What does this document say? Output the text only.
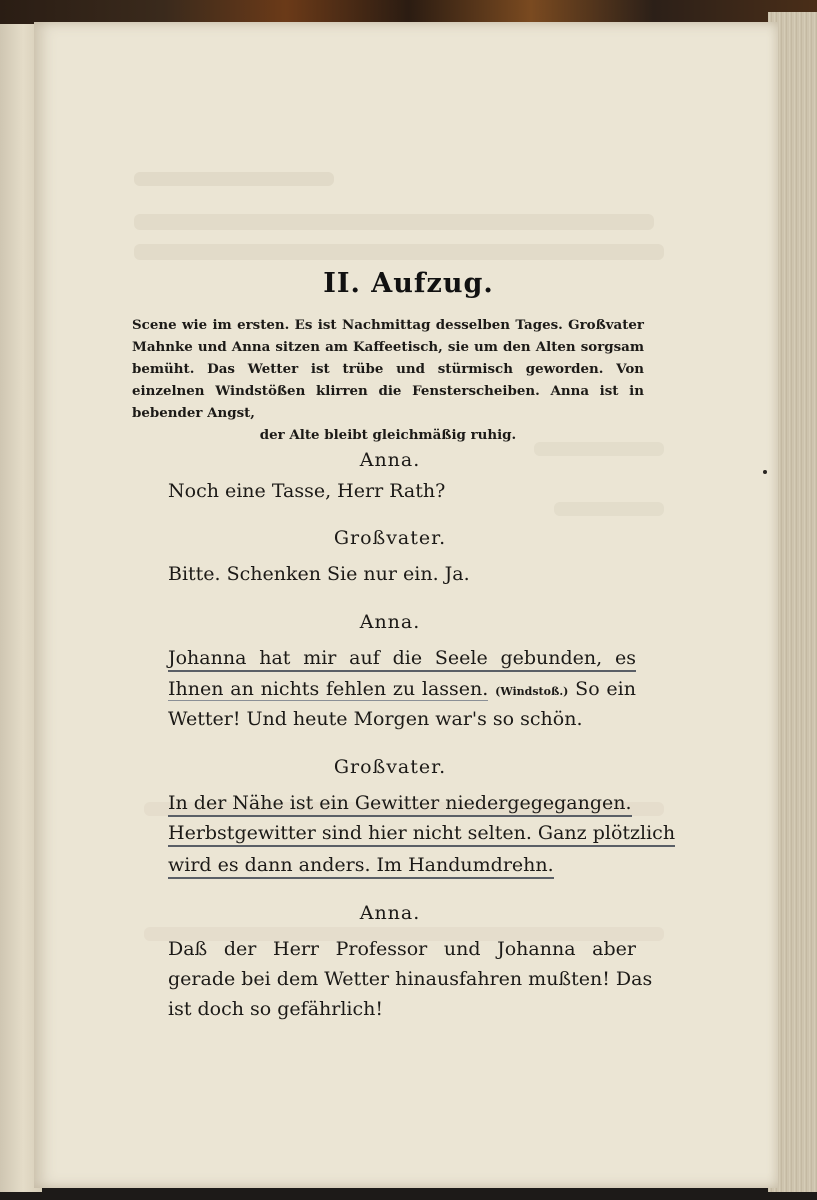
II. Aufzug.
Scene wie im ersten. Es ist Nachmittag desselben Tages. Großvater Mahnke und Anna sitzen am Kaffeetisch, sie um den Alten sorgsam bemüht. Das Wetter ist trübe und stürmisch geworden. Von einzelnen Windstößen klirren die Fensterscheiben. Anna ist in bebender Angst,
der Alte bleibt gleichmäßig ruhig.
Anna.
Noch eine Tasse, Herr Rath?
Großvater.
Bitte. Schenken Sie nur ein. Ja.
Anna.
Johanna hat mir auf die Seele gebunden, es
Ihnen an nichts fehlen zu lassen. (Windstoß.) So ein
Wetter! Und heute Morgen war's so schön.
Großvater.
In der Nähe ist ein Gewitter niedergegegangen.
Herbstgewitter sind hier nicht selten. Ganz plötzlich
wird es dann anders. Im Handumdrehn.
Anna.
Daß der Herr Professor und Johanna aber
gerade bei dem Wetter hinausfahren mußten! Das
ist doch so gefährlich!
